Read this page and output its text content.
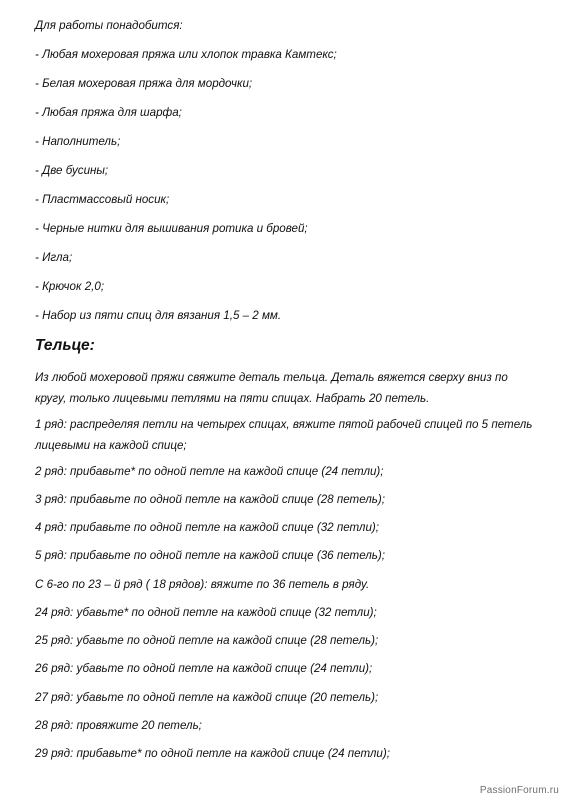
Для работы понадобится:
- Любая мохеровая пряжа или хлопок травка Камтекс;
- Белая мохеровая пряжа для мордочки;
- Любая пряжа для шарфа;
- Наполнитель;
- Две бусины;
- Пластмассовый носик;
- Черные нитки для вышивания ротика и бровей;
- Игла;
- Крючок 2,0;
- Набор из пяти спиц для вязания 1,5 – 2 мм.
Тельце:
Из любой мохеровой пряжи свяжите деталь тельца. Деталь вяжется сверху вниз по кругу, только лицевыми петлями на пяти спицах. Набрать 20 петель.
1 ряд: распределяя петли на четырех спицах, вяжите пятой рабочей спицей по 5 петель лицевыми на каждой спице;
2 ряд: прибавьте* по одной петле на каждой спице (24 петли);
3 ряд: прибавьте по одной петле на каждой спице (28 петель);
4 ряд: прибавьте по одной петле на каждой спице (32 петли);
5 ряд: прибавьте по одной петле на каждой спице (36 петель);
С 6-го по 23 – й ряд ( 18 рядов): вяжите по 36 петель в ряду.
24 ряд: убавьте* по одной петле на каждой спице (32 петли);
25 ряд: убавьте по одной петле на каждой спице (28 петель);
26 ряд: убавьте по одной петле на каждой спице (24 петли);
27 ряд: убавьте по одной петле на каждой спице (20 петель);
28 ряд: провяжите 20 петель;
29 ряд: прибавьте* по одной петле на каждой спице (24 петли);
PassionForum.ru
